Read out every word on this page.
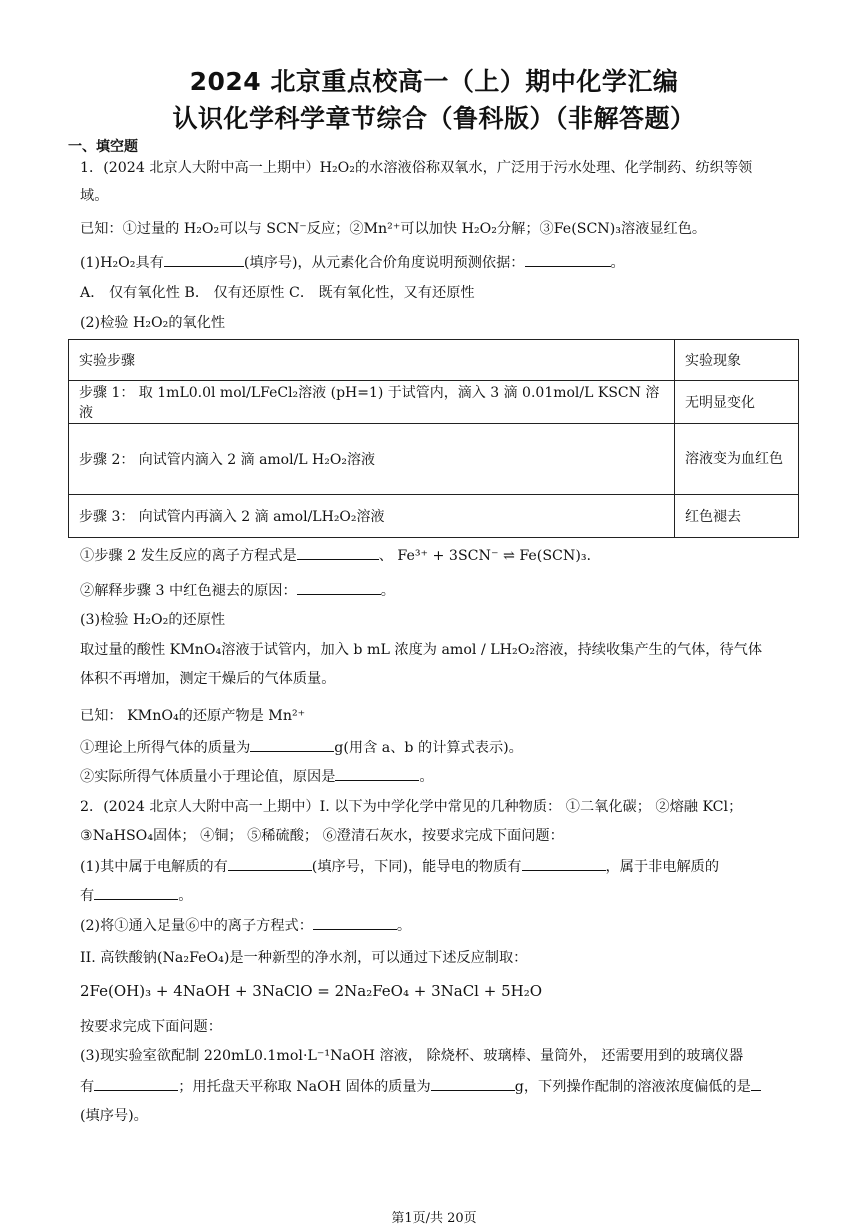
2024 北京重点校高一（上）期中化学汇编
认识化学科学章节综合（鲁科版）（非解答题）
一、填空题
1．(2024 北京人大附中高一上期中）H₂O₂的水溶液俗称双氧水，广泛用于污水处理、化学制药、纺织等领
域。
已知：①过量的 H₂O₂可以与 SCN⁻反应；②Mn²⁺可以加快 H₂O₂分解；③Fe(SCN)₃溶液显红色。
(1)H₂O₂具有	(填序号)，从元素化合价角度说明预测依据：	。
A． 仅有氧化性 B． 仅有还原性 C． 既有氧化性，又有还原性
(2)检验 H₂O₂的氧化性
实验步骤	实验现象
步骤 1： 取 1mL0.0l mol/LFeCl₂溶液 (pH=1) 于试管内，滴入 3 滴 0.01mol/L KSCN 溶液	无明显变化
步骤 2： 向试管内滴入 2 滴 amol/L H₂O₂溶液	溶液变为血红色
步骤 3： 向试管内再滴入 2 滴 amol/LH₂O₂溶液	红色褪去
①步骤 2 发生反应的离子方程式是	、 Fe³⁺ + 3SCN⁻ ⇌ Fe(SCN)₃.
②解释步骤 3 中红色褪去的原因：	。
(3)检验 H₂O₂的还原性
取过量的酸性 KMnO₄溶液于试管内，加入 b mL 浓度为 amol / LH₂O₂溶液，持续收集产生的气体，待气体
体积不再增加，测定干燥后的气体质量。
已知： KMnO₄的还原产物是 Mn²⁺
①理论上所得气体的质量为	g(用含 a、b 的计算式表示)。
②实际所得气体质量小于理论值，原因是	。
2．(2024 北京人大附中高一上期中）I. 以下为中学化学中常见的几种物质： ①二氧化碳； ②熔融 KCl；
③NaHSO₄固体； ④铜； ⑤稀硫酸； ⑥澄清石灰水，按要求完成下面问题：
(1)其中属于电解质的有	(填序号，下同)，能导电的物质有	，属于非电解质的
有	。
(2)将①通入足量⑥中的离子方程式：	。
II. 高铁酸钠(Na₂FeO₄)是一种新型的净水剂，可以通过下述反应制取：
2Fe(OH)₃ + 4NaOH + 3NaClO = 2Na₂FeO₄ + 3NaCl + 5H₂O
按要求完成下面问题：
(3)现实验室欲配制 220mL0.1mol·L⁻¹NaOH 溶液， 除烧杯、玻璃棒、量筒外， 还需要用到的玻璃仪器
有	；用托盘天平称取 NaOH 固体的质量为	g，下列操作配制的溶液浓度偏低的是
(填序号)。
第1页/共 20页
